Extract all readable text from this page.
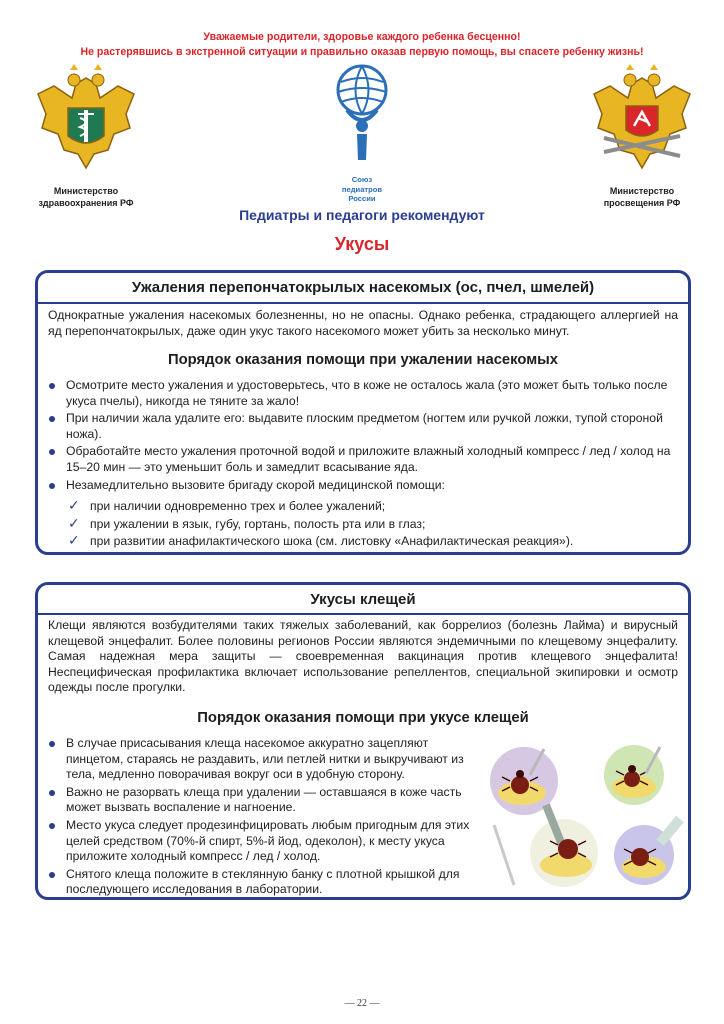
Уважаемые родители, здоровье каждого ребенка бесценно!
Не растерявшись в экстренной ситуации и правильно оказав первую помощь, вы спасете ребенку жизнь!
Министерство
здравоохранения РФ
Союз
педиатров
России
Министерство
просвещения РФ
Педиатры и педагоги рекомендуют
Укусы
Ужаления перепончатокрылых насекомых (ос, пчел, шмелей)
Однократные ужаления насекомых болезненны, но не опасны. Однако ребенка, страдающего аллергией на яд перепончатокрылых, даже один укус такого насекомого может убить за несколько минут.
Порядок оказания помощи при ужалении насекомых
Осмотрите место ужаления и удостоверьтесь, что в коже не осталось жала (это может быть только после укуса пчелы), никогда не тяните за жало!
При наличии жала удалите его: выдавите плоским предметом (ногтем или ручкой ложки, тупой стороной ножа).
Обработайте место ужаления проточной водой и приложите влажный холодный компресс / лед / холод на 15–20 мин — это уменьшит боль и замедлит всасывание яда.
Незамедлительно вызовите бригаду скорой медицинской помощи:
✓ при наличии одновременно трех и более ужалений;
✓ при ужалении в язык, губу, гортань, полость рта или в глаз;
✓ при развитии анафилактического шока (см. листовку «Анафилактическая реакция»).
Укусы клещей
Клещи являются возбудителями таких тяжелых заболеваний, как боррелиоз (болезнь Лайма) и вирусный клещевой энцефалит. Более половины регионов России являются эндемичными по клещевому энцефалиту. Самая надежная мера защиты — своевременная вакцинация против клещевого энцефалита! Неспецифическая профилактика включает использование репеллентов, специальной экипировки и осмотр одежды после прогулки.
Порядок оказания помощи при укусе клещей
В случае присасывания клеща насекомое аккуратно зацепляют пинцетом, стараясь не раздавить, или петлей нитки и выкручивают из тела, медленно поворачивая вокруг оси в удобную сторону.
Важно не разорвать клеща при удалении — оставшаяся в коже часть может вызвать воспаление и нагноение.
Место укуса следует продезинфицировать любым пригодным для этих целей средством (70%-й спирт, 5%-й йод, одеколон), к месту укуса приложите холодный компресс / лед / холод.
Снятого клеща положите в стеклянную банку с плотной крышкой для последующего исследования в лаборатории.
— 22 —
